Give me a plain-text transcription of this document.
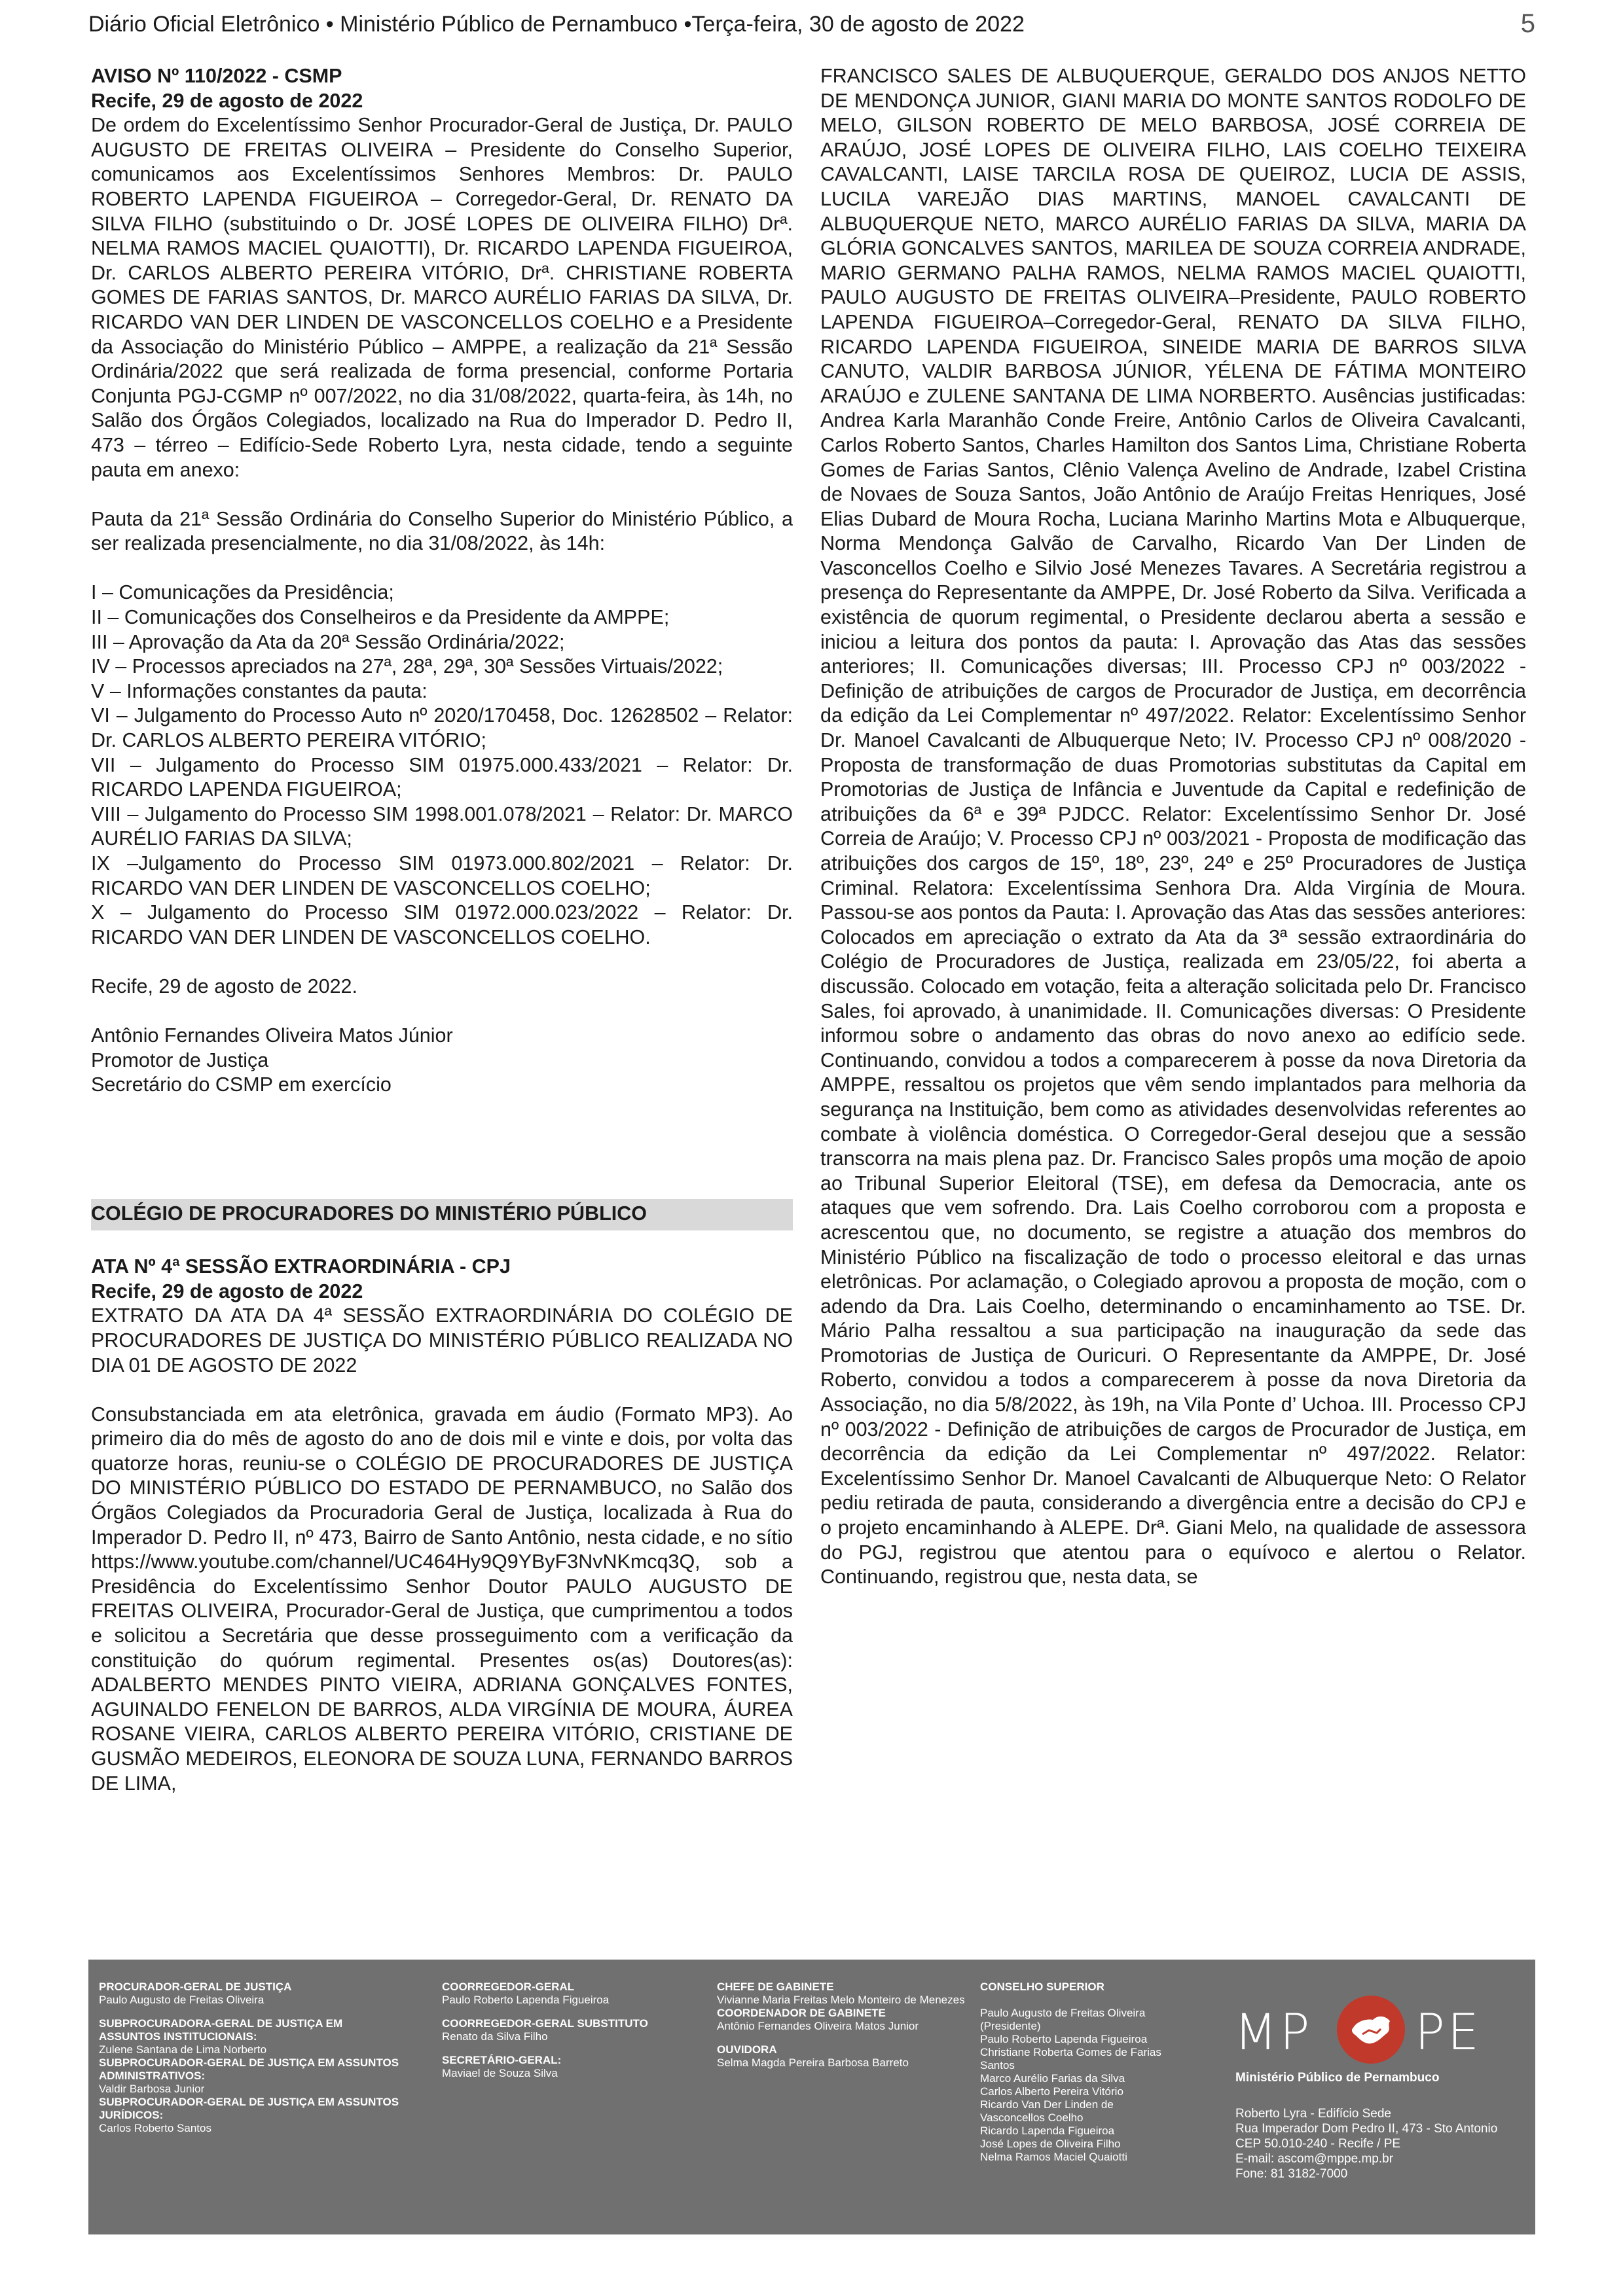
Diário Oficial Eletrônico • Ministério Público de Pernambuco •Terça-feira, 30 de agosto de 2022	5

AVISO Nº 110/2022 - CSMP

Recife, 29 de agosto de 2022

De ordem do Excelentíssimo Senhor Procurador-Geral de Justiça, Dr. PAULO AUGUSTO DE FREITAS OLIVEIRA – Presidente do Conselho Superior, comunicamos aos Excelentíssimos Senhores Membros: Dr. PAULO ROBERTO LAPENDA FIGUEIROA – Corregedor-Geral, Dr. RENATO DA SILVA FILHO (substituindo o Dr. JOSÉ LOPES DE OLIVEIRA FILHO) Drª. NELMA RAMOS MACIEL QUAIOTTI), Dr. RICARDO LAPENDA FIGUEIROA, Dr. CARLOS ALBERTO PEREIRA VITÓRIO, Drª. CHRISTIANE ROBERTA GOMES DE FARIAS SANTOS, Dr. MARCO AURÉLIO FARIAS DA SILVA, Dr. RICARDO VAN DER LINDEN DE VASCONCELLOS COELHO e a Presidente da Associação do Ministério Público – AMPPE, a realização da 21ª Sessão Ordinária/2022 que será realizada de forma presencial, conforme Portaria Conjunta PGJ-CGMP nº 007/2022, no dia 31/08/2022, quarta-feira, às 14h, no Salão dos Órgãos Colegiados, localizado na Rua do Imperador D. Pedro II, 473 – térreo – Edifício-Sede Roberto Lyra, nesta cidade, tendo a seguinte pauta em anexo:

Pauta da 21ª Sessão Ordinária do Conselho Superior do Ministério Público, a ser realizada presencialmente, no dia 31/08/2022, às 14h:

I – Comunicações da Presidência;

II – Comunicações dos Conselheiros e da Presidente da AMPPE;

III – Aprovação da Ata da 20ª Sessão Ordinária/2022;

IV – Processos apreciados na 27ª, 28ª, 29ª, 30ª Sessões Virtuais/2022;

V – Informações constantes da pauta:

VI – Julgamento do Processo Auto nº 2020/170458, Doc. 12628502 – Relator: Dr. CARLOS ALBERTO PEREIRA VITÓRIO;

VII – Julgamento do Processo SIM 01975.000.433/2021 – Relator: Dr. RICARDO LAPENDA FIGUEIROA;

VIII – Julgamento do Processo SIM 1998.001.078/2021 – Relator: Dr. MARCO AURÉLIO FARIAS DA SILVA;

IX –Julgamento do Processo SIM 01973.000.802/2021 – Relator: Dr. RICARDO VAN DER LINDEN DE VASCONCELLOS COELHO;

X – Julgamento do Processo SIM 01972.000.023/2022 – Relator: Dr. RICARDO VAN DER LINDEN DE VASCONCELLOS COELHO.

Recife, 29 de agosto de 2022.

Antônio Fernandes Oliveira Matos Júnior

Promotor de Justiça

Secretário do CSMP em exercício

COLÉGIO DE PROCURADORES DO MINISTÉRIO PÚBLICO

ATA Nº 4ª SESSÃO EXTRAORDINÁRIA - CPJ

Recife, 29 de agosto de 2022

EXTRATO DA ATA DA 4ª SESSÃO EXTRAORDINÁRIA DO COLÉGIO DE PROCURADORES DE JUSTIÇA DO MINISTÉRIO PÚBLICO REALIZADA NO DIA 01 DE AGOSTO DE 2022

Consubstanciada em ata eletrônica, gravada em áudio (Formato MP3). Ao primeiro dia do mês de agosto do ano de dois mil e vinte e dois, por volta das quatorze horas, reuniu-se o COLÉGIO DE PROCURADORES DE JUSTIÇA DO MINISTÉRIO PÚBLICO DO ESTADO DE PERNAMBUCO, no Salão dos Órgãos Colegiados da Procuradoria Geral de Justiça, localizada à Rua do Imperador D. Pedro II, nº 473, Bairro de Santo Antônio, nesta cidade, e no sítio https://www.youtube.com/channel/UC464Hy9Q9YByF3NvNKmcq3Q, sob a Presidência do Excelentíssimo Senhor Doutor PAULO AUGUSTO DE FREITAS OLIVEIRA, Procurador-Geral de Justiça, que cumprimentou a todos e solicitou a Secretária que desse prosseguimento com a verificação da constituição do quórum regimental. Presentes os(as) Doutores(as): ADALBERTO MENDES PINTO VIEIRA, ADRIANA GONÇALVES FONTES, AGUINALDO FENELON DE BARROS, ALDA VIRGÍNIA DE MOURA, ÁUREA ROSANE VIEIRA, CARLOS ALBERTO PEREIRA VITÓRIO, CRISTIANE DE GUSMÃO MEDEIROS, ELEONORA DE SOUZA LUNA, FERNANDO BARROS DE LIMA,

FRANCISCO SALES DE ALBUQUERQUE, GERALDO DOS ANJOS NETTO DE MENDONÇA JUNIOR, GIANI MARIA DO MONTE SANTOS RODOLFO DE MELO, GILSON ROBERTO DE MELO BARBOSA, JOSÉ CORREIA DE ARAÚJO, JOSÉ LOPES DE OLIVEIRA FILHO, LAIS COELHO TEIXEIRA CAVALCANTI, LAISE TARCILA ROSA DE QUEIROZ, LUCIA DE ASSIS, LUCILA VAREJÃO DIAS MARTINS, MANOEL CAVALCANTI DE ALBUQUERQUE NETO, MARCO AURÉLIO FARIAS DA SILVA, MARIA DA GLÓRIA GONCALVES SANTOS, MARILEA DE SOUZA CORREIA ANDRADE, MARIO GERMANO PALHA RAMOS, NELMA RAMOS MACIEL QUAIOTTI, PAULO AUGUSTO DE FREITAS OLIVEIRA–Presidente, PAULO ROBERTO LAPENDA FIGUEIROA–Corregedor-Geral, RENATO DA SILVA FILHO, RICARDO LAPENDA FIGUEIROA, SINEIDE MARIA DE BARROS SILVA CANUTO, VALDIR BARBOSA JÚNIOR, YÉLENA DE FÁTIMA MONTEIRO ARAÚJO e ZULENE SANTANA DE LIMA NORBERTO. Ausências justificadas: Andrea Karla Maranhão Conde Freire, Antônio Carlos de Oliveira Cavalcanti, Carlos Roberto Santos, Charles Hamilton dos Santos Lima, Christiane Roberta Gomes de Farias Santos, Clênio Valença Avelino de Andrade, Izabel Cristina de Novaes de Souza Santos, João Antônio de Araújo Freitas Henriques, José Elias Dubard de Moura Rocha, Luciana Marinho Martins Mota e Albuquerque, Norma Mendonça Galvão de Carvalho, Ricardo Van Der Linden de Vasconcellos Coelho e Silvio José Menezes Tavares. A Secretária registrou a presença do Representante da AMPPE, Dr. José Roberto da Silva. Verificada a existência de quorum regimental, o Presidente declarou aberta a sessão e iniciou a leitura dos pontos da pauta: I. Aprovação das Atas das sessões anteriores; II. Comunicações diversas; III. Processo CPJ nº 003/2022 - Definição de atribuições de cargos de Procurador de Justiça, em decorrência da edição da Lei Complementar nº 497/2022. Relator: Excelentíssimo Senhor Dr. Manoel Cavalcanti de Albuquerque Neto; IV. Processo CPJ nº 008/2020 - Proposta de transformação de duas Promotorias substitutas da Capital em Promotorias de Justiça de Infância e Juventude da Capital e redefinição de atribuições da 6ª e 39ª PJDCC. Relator: Excelentíssimo Senhor Dr. José Correia de Araújo; V. Processo CPJ nº 003/2021 - Proposta de modificação das atribuições dos cargos de 15º, 18º, 23º, 24º e 25º Procuradores de Justiça Criminal. Relatora: Excelentíssima Senhora Dra. Alda Virgínia de Moura. Passou-se aos pontos da Pauta: I. Aprovação das Atas das sessões anteriores: Colocados em apreciação o extrato da Ata da 3ª sessão extraordinária do Colégio de Procuradores de Justiça, realizada em 23/05/22, foi aberta a discussão. Colocado em votação, feita a alteração solicitada pelo Dr. Francisco Sales, foi aprovado, à unanimidade. II. Comunicações diversas: O Presidente informou sobre o andamento das obras do novo anexo ao edifício sede. Continuando, convidou a todos a comparecerem à posse da nova Diretoria da AMPPE, ressaltou os projetos que vêm sendo implantados para melhoria da segurança na Instituição, bem como as atividades desenvolvidas referentes ao combate à violência doméstica. O Corregedor-Geral desejou que a sessão transcorra na mais plena paz. Dr. Francisco Sales propôs uma moção de apoio ao Tribunal Superior Eleitoral (TSE), em defesa da Democracia, ante os ataques que vem sofrendo. Dra. Lais Coelho corroborou com a proposta e acrescentou que, no documento, se registre a atuação dos membros do Ministério Público na fiscalização de todo o processo eleitoral e das urnas eletrônicas. Por aclamação, o Colegiado aprovou a proposta de moção, com o adendo da Dra. Lais Coelho, determinando o encaminhamento ao TSE. Dr. Mário Palha ressaltou a sua participação na inauguração da sede das Promotorias de Justiça de Ouricuri. O Representante da AMPPE, Dr. José Roberto, convidou a todos a comparecerem à posse da nova Diretoria da Associação, no dia 5/8/2022, às 19h, na Vila Ponte d’ Uchoa. III. Processo CPJ nº 003/2022 - Definição de atribuições de cargos de Procurador de Justiça, em decorrência da edição da Lei Complementar nº 497/2022. Relator: Excelentíssimo Senhor Dr. Manoel Cavalcanti de Albuquerque Neto: O Relator pediu retirada de pauta, considerando a divergência entre a decisão do CPJ e o projeto encaminhando à ALEPE. Drª. Giani Melo, na qualidade de assessora do PGJ, registrou que atentou para o equívoco e alertou o Relator. Continuando, registrou que, nesta data, se

PROCURADOR-GERAL DE JUSTIÇA
Paulo Augusto de Freitas Oliveira
SUBPROCURADORA-GERAL DE JUSTIÇA EM ASSUNTOS INSTITUCIONAIS:
Zulene Santana de Lima Norberto
SUBPROCURADOR-GERAL DE JUSTIÇA EM ASSUNTOS ADMINISTRATIVOS:
Valdir Barbosa Junior
SUBPROCURADOR-GERAL DE JUSTIÇA EM ASSUNTOS JURÍDICOS:
Carlos Roberto Santos
COORREGEDOR-GERAL
Paulo Roberto Lapenda Figueiroa
COORREGEDOR-GERAL SUBSTITUTO
Renato da Silva Filho
SECRETÁRIO-GERAL:
Maviael de Souza Silva
CHEFE DE GABINETE
Vivianne Maria Freitas Melo Monteiro de Menezes
COORDENADOR DE GABINETE
Antônio Fernandes Oliveira Matos Junior
OUVIDORA
Selma Magda Pereira Barbosa Barreto
CONSELHO SUPERIOR
Paulo Augusto de Freitas Oliveira
(Presidente)
Paulo Roberto Lapenda Figueiroa
Christiane Roberta Gomes de Farias
Santos
Marco Aurélio Farias da Silva
Carlos Alberto Pereira Vitório
Ricardo Van Der Linden de
Vasconcellos Coelho
Ricardo Lapenda Figueiroa
José Lopes de Oliveira Filho
Nelma Ramos Maciel Quaiotti
MP PE
Ministério Público de Pernambuco
Roberto Lyra - Edifício Sede
Rua Imperador Dom Pedro II, 473 - Sto Antonio
CEP 50.010-240 - Recife / PE
E-mail: ascom@mppe.mp.br
Fone: 81 3182-7000
